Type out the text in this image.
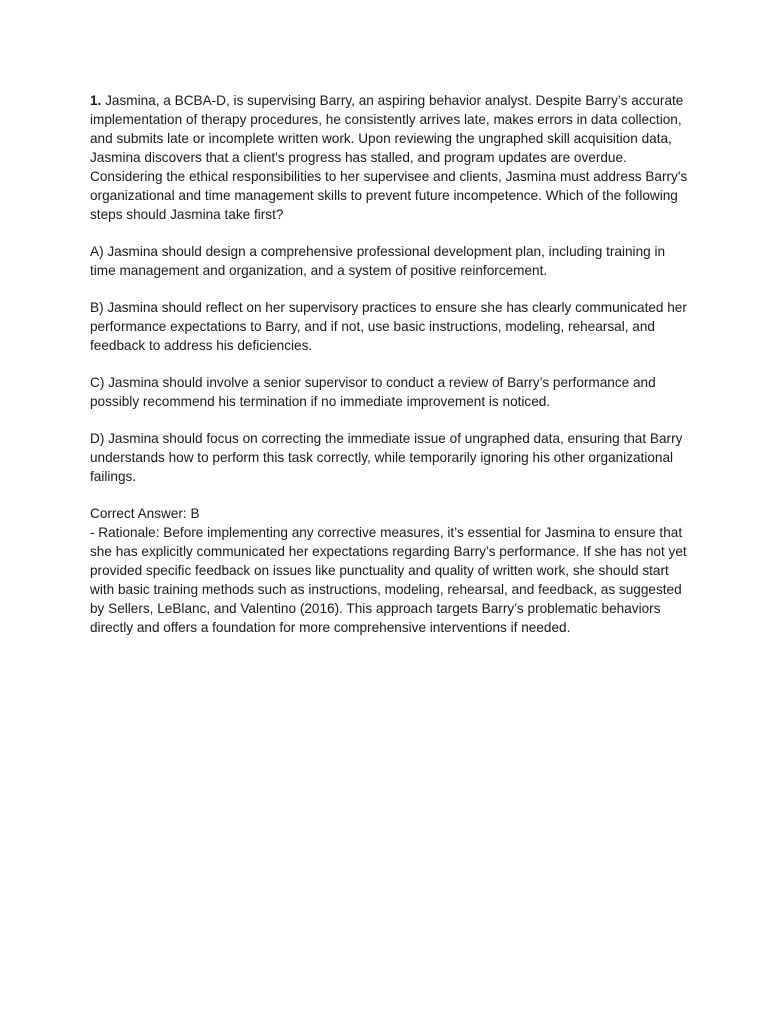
1. Jasmina, a BCBA-D, is supervising Barry, an aspiring behavior analyst. Despite Barry’s accurate implementation of therapy procedures, he consistently arrives late, makes errors in data collection, and submits late or incomplete written work. Upon reviewing the ungraphed skill acquisition data, Jasmina discovers that a client's progress has stalled, and program updates are overdue. Considering the ethical responsibilities to her supervisee and clients, Jasmina must address Barry's organizational and time management skills to prevent future incompetence. Which of the following steps should Jasmina take first?

A) Jasmina should design a comprehensive professional development plan, including training in time management and organization, and a system of positive reinforcement.

B) Jasmina should reflect on her supervisory practices to ensure she has clearly communicated her performance expectations to Barry, and if not, use basic instructions, modeling, rehearsal, and feedback to address his deficiencies.

C) Jasmina should involve a senior supervisor to conduct a review of Barry’s performance and possibly recommend his termination if no immediate improvement is noticed.

D) Jasmina should focus on correcting the immediate issue of ungraphed data, ensuring that Barry understands how to perform this task correctly, while temporarily ignoring his other organizational failings.

Correct Answer: B

- Rationale: Before implementing any corrective measures, it’s essential for Jasmina to ensure that she has explicitly communicated her expectations regarding Barry’s performance. If she has not yet provided specific feedback on issues like punctuality and quality of written work, she should start with basic training methods such as instructions, modeling, rehearsal, and feedback, as suggested by Sellers, LeBlanc, and Valentino (2016). This approach targets Barry’s problematic behaviors directly and offers a foundation for more comprehensive interventions if needed.
